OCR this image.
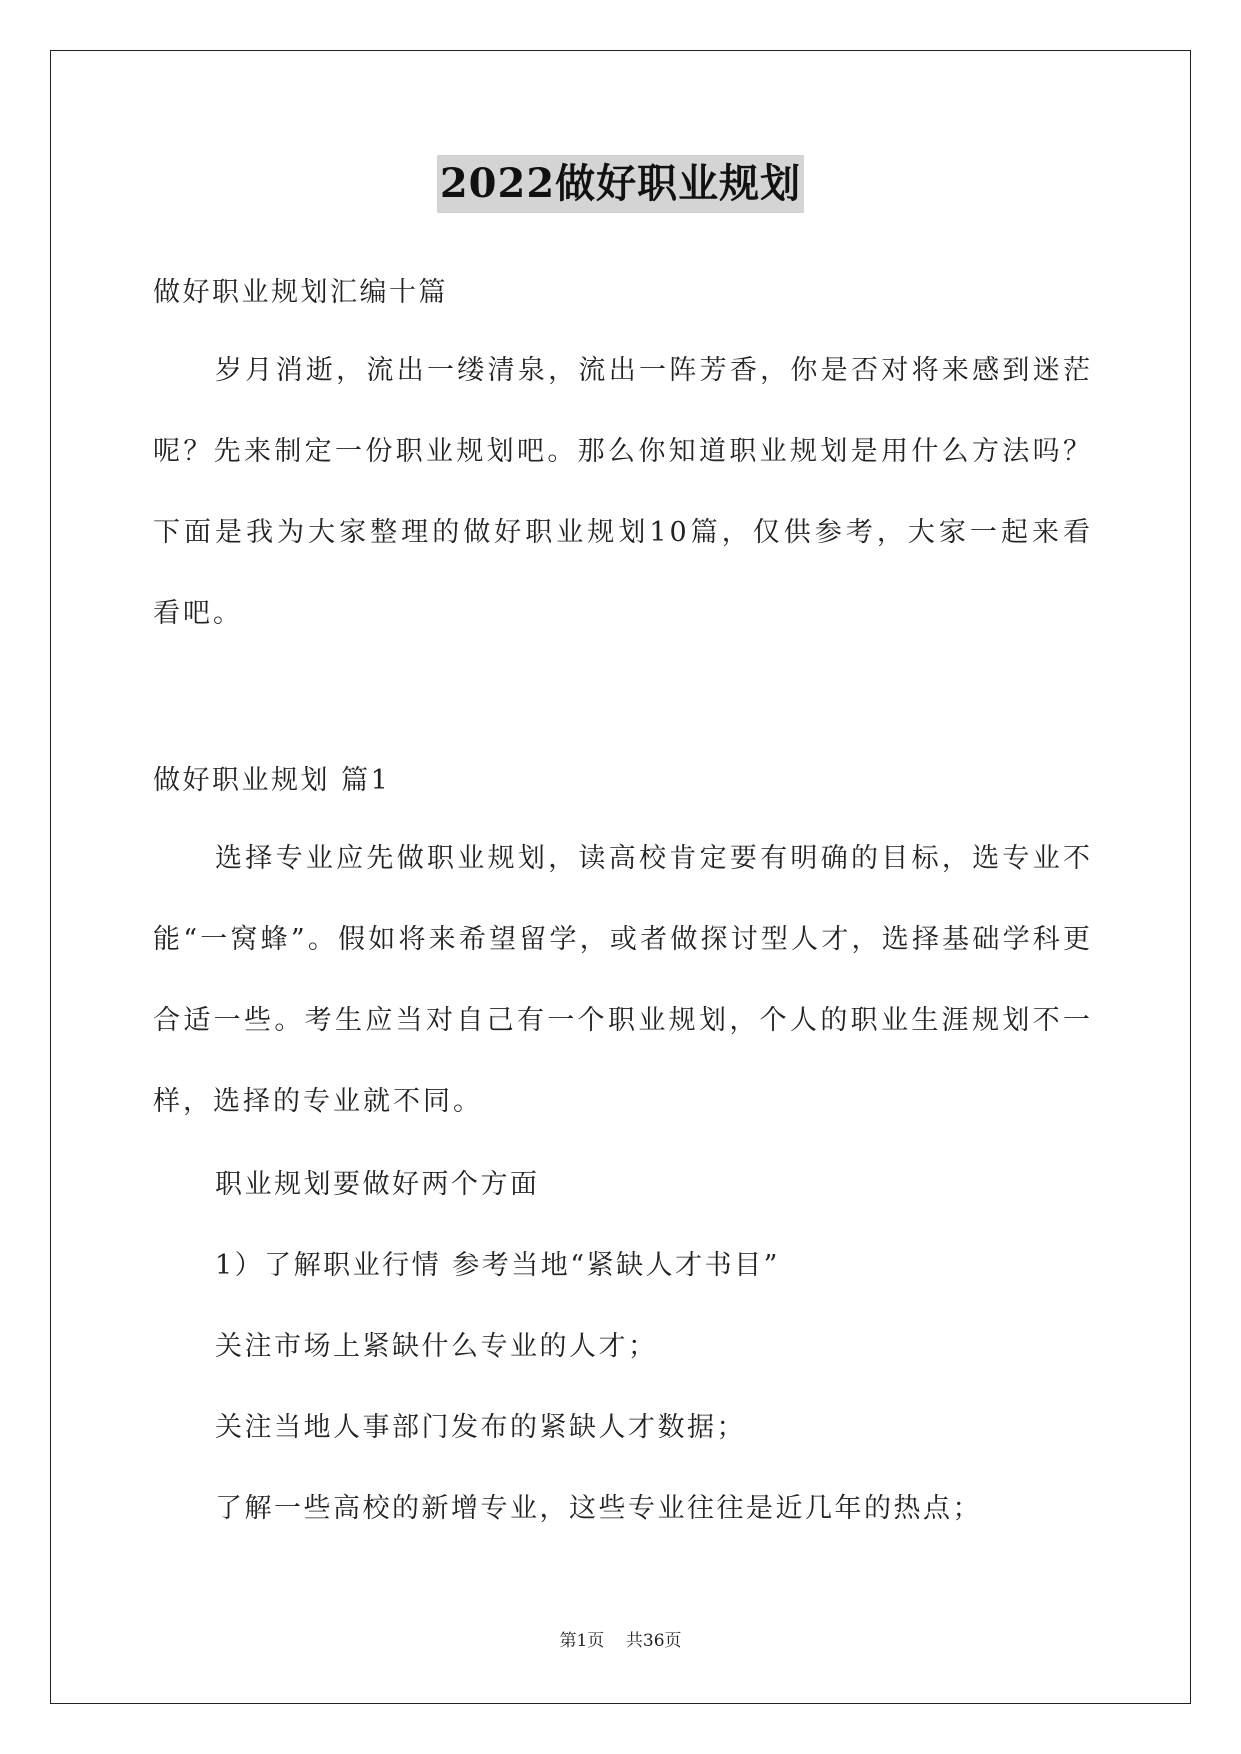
2022做好职业规划
做好职业规划汇编十篇
岁月消逝，流出一缕清泉，流出一阵芳香，你是否对将来感到迷茫呢？先来制定一份职业规划吧。那么你知道职业规划是用什么方法吗？下面是我为大家整理的做好职业规划10篇，仅供参考，大家一起来看看吧。
做好职业规划 篇1
选择专业应先做职业规划，读高校肯定要有明确的目标，选专业不能“一窝蜂”。假如将来希望留学，或者做探讨型人才，选择基础学科更合适一些。考生应当对自己有一个职业规划，个人的职业生涯规划不一样，选择的专业就不同。
职业规划要做好两个方面
1）了解职业行情 参考当地“紧缺人才书目”
关注市场上紧缺什么专业的人才；
关注当地人事部门发布的紧缺人才数据；
了解一些高校的新增专业，这些专业往往是近几年的热点；
第1页    共36页
